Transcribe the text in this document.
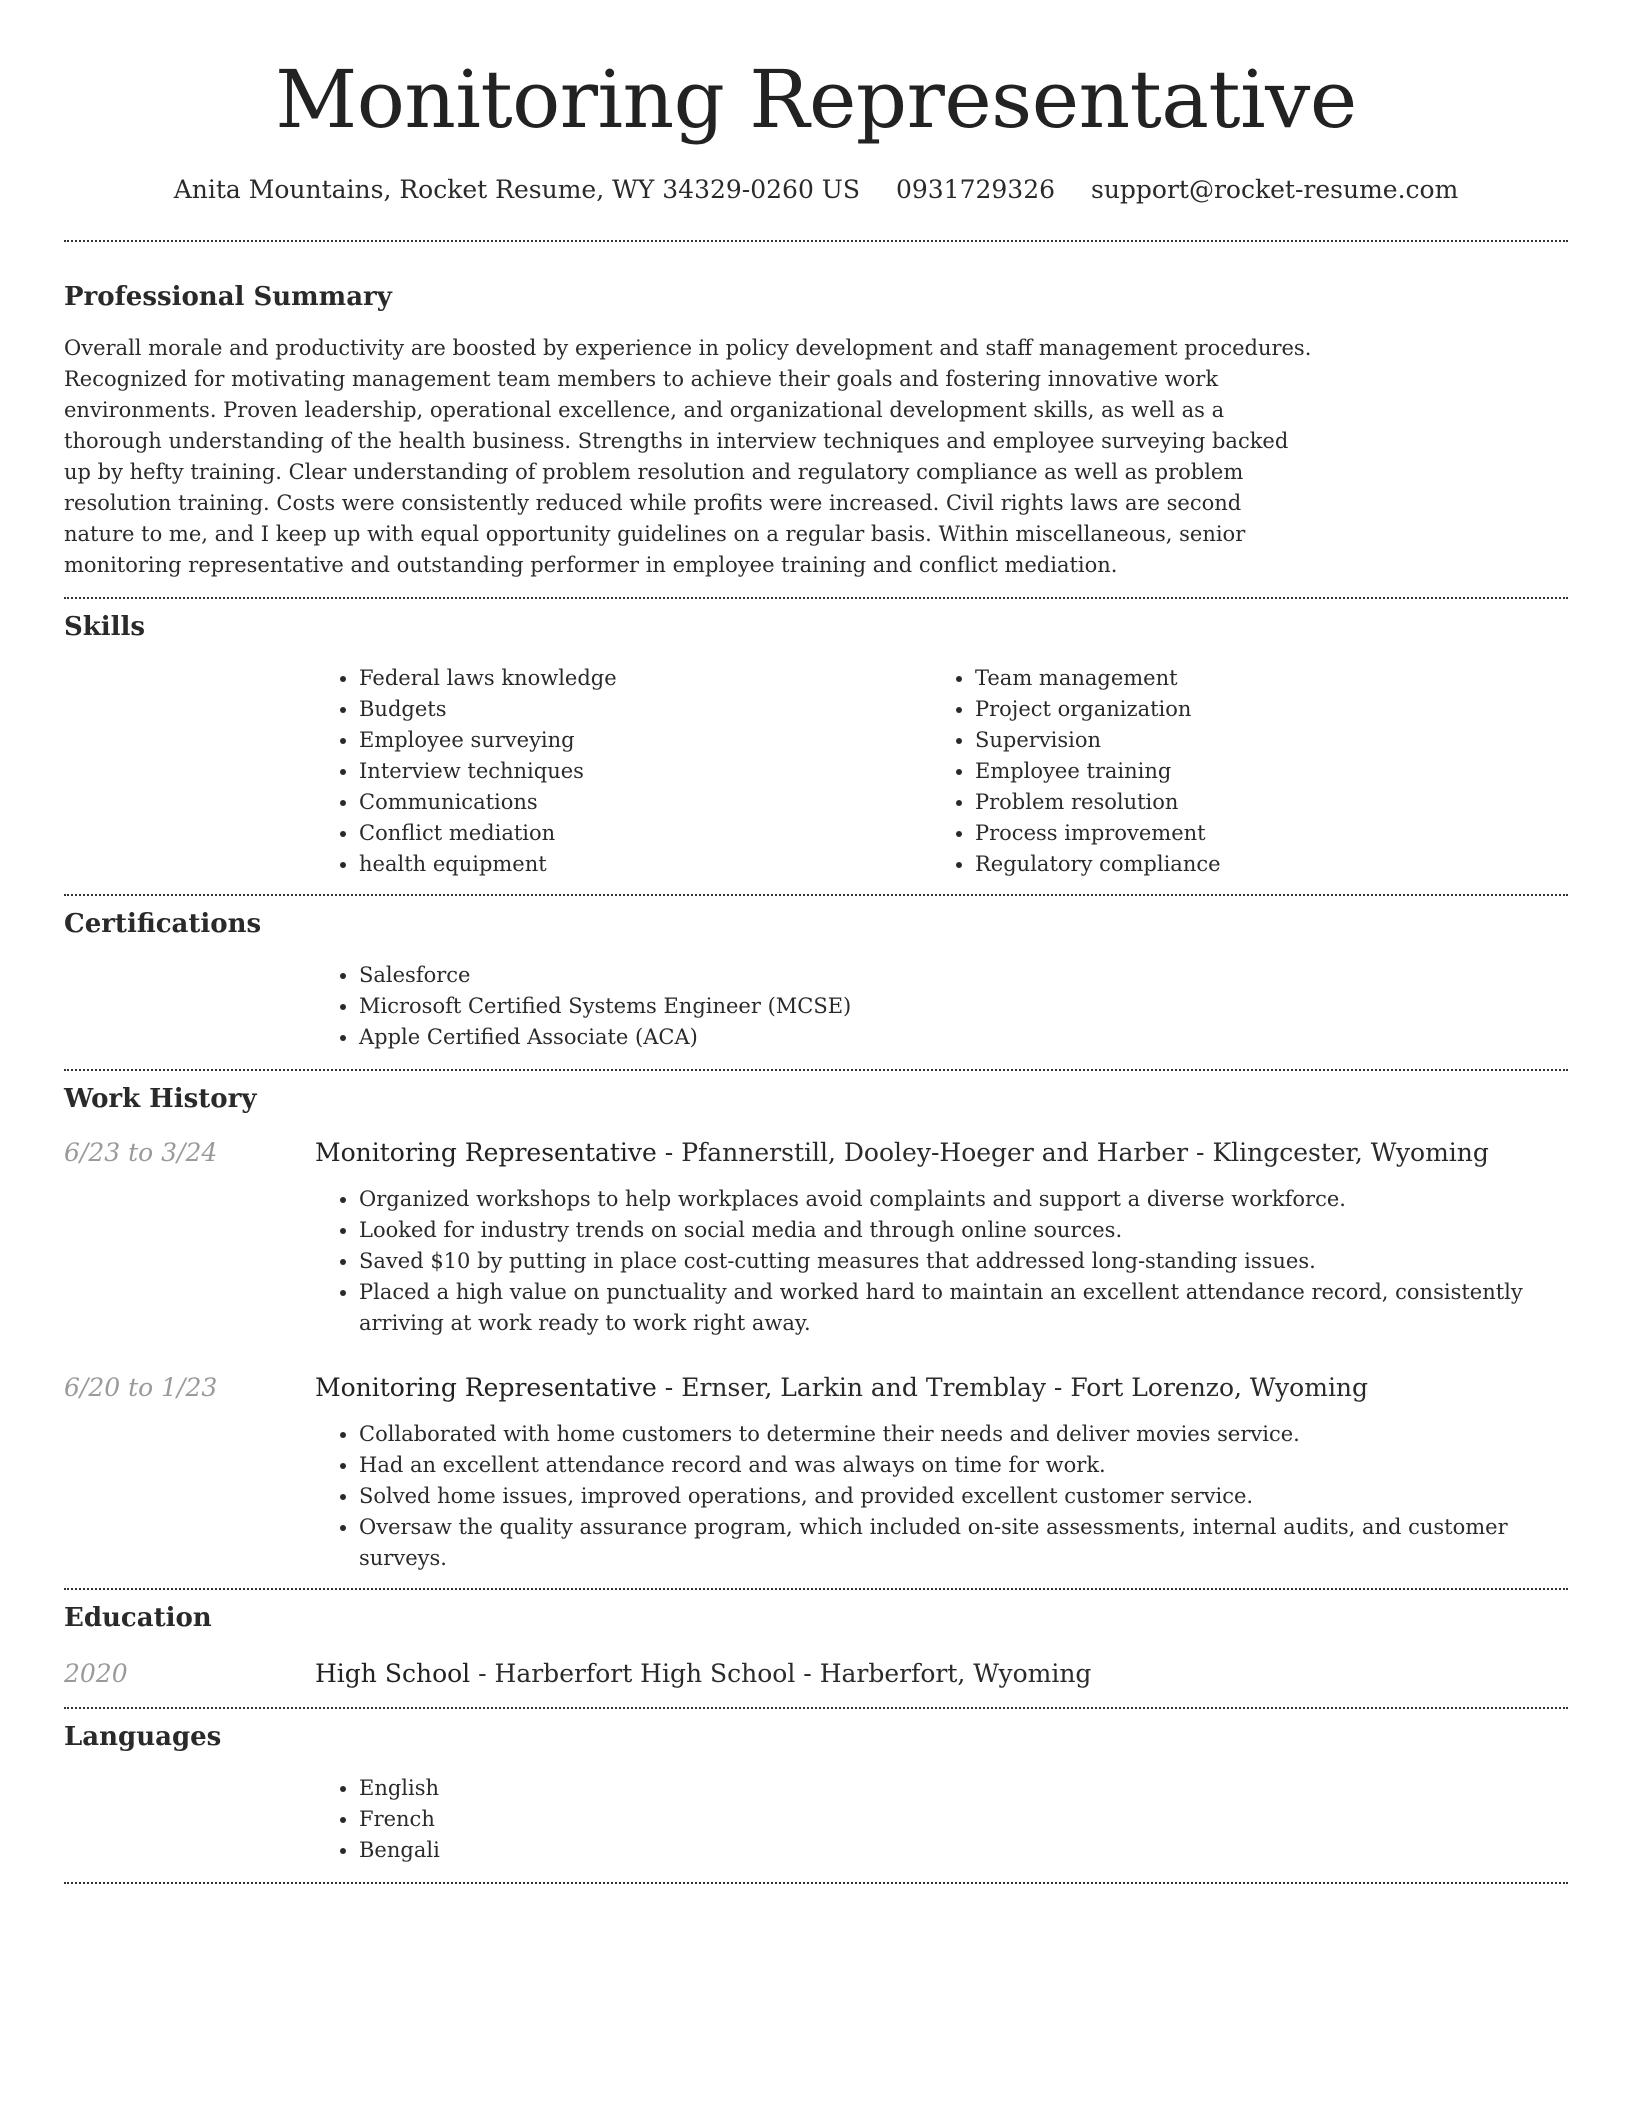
Monitoring Representative
Anita Mountains, Rocket Resume, WY 34329-0260 US 0931729326 support@rocket-resume.com
Professional Summary

Overall morale and productivity are boosted by experience in policy development and staff management procedures. Recognized for motivating management team members to achieve their goals and fostering innovative work environments. Proven leadership, operational excellence, and organizational development skills, as well as a thorough understanding of the health business. Strengths in interview techniques and employee surveying backed up by hefty training. Clear understanding of problem resolution and regulatory compliance as well as problem resolution training. Costs were consistently reduced while profits were increased. Civil rights laws are second nature to me, and I keep up with equal opportunity guidelines on a regular basis. Within miscellaneous, senior monitoring representative and outstanding performer in employee training and conflict mediation.

Skills
• Federal laws knowledge
• Budgets
• Employee surveying
• Interview techniques
• Communications
• Conflict mediation
• health equipment
• Team management
• Project organization
• Supervision
• Employee training
• Problem resolution
• Process improvement
• Regulatory compliance
Certifications
• Salesforce
• Microsoft Certified Systems Engineer (MCSE)
• Apple Certified Associate (ACA)
Work History
6/23 to 3/24	Monitoring Representative - Pfannerstill, Dooley-Hoeger and Harber - Klingcester, Wyoming
• Organized workshops to help workplaces avoid complaints and support a diverse workforce.
• Looked for industry trends on social media and through online sources.
• Saved $10 by putting in place cost-cutting measures that addressed long-standing issues.
• Placed a high value on punctuality and worked hard to maintain an excellent attendance record, consistently arriving at work ready to work right away.
6/20 to 1/23	Monitoring Representative - Ernser, Larkin and Tremblay - Fort Lorenzo, Wyoming
• Collaborated with home customers to determine their needs and deliver movies service.
• Had an excellent attendance record and was always on time for work.
• Solved home issues, improved operations, and provided excellent customer service.
• Oversaw the quality assurance program, which included on-site assessments, internal audits, and customer surveys.
Education
2020	High School - Harberfort High School - Harberfort, Wyoming
Languages
• English
• French
• Bengali
